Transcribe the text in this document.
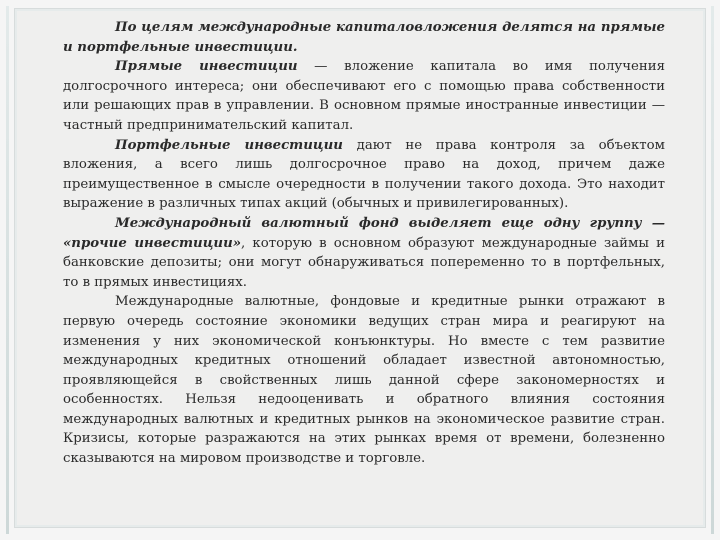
По целям международные капиталовложения делятся на прямые и портфельные инвестиции.

Прямые инвестиции — вложение капитала во имя получения долгосрочного интереса; они обеспечивают его с помощью права собственности или решающих прав в управлении. В основном прямые иностранные инвестиции — частный предпринимательский капитал.

Портфельные инвестиции дают не права контроля за объектом вложения, а всего лишь долгосрочное право на доход, причем даже преимущественное в смысле очередности в получении такого дохода. Это находит выражение в различных типах акций (обычных и привилегированных).

Международный валютный фонд выделяет еще одну группу — «прочие инвестиции», которую в основном образуют международные займы и банковские депозиты; они могут обнаруживаться попеременно то в портфельных, то в прямых инвестициях.

Международные валютные, фондовые и кредитные рынки отражают в первую очередь состояние экономики ведущих стран мира и реагируют на изменения у них экономической конъюнктуры. Но вместе с тем развитие международных кредитных отношений обладает известной автономностью, проявляющейся в свойственных лишь данной сфере закономерностях и особенностях. Нельзя недооценивать и обратного влияния состояния международных валютных и кредитных рынков на экономическое развитие стран. Кризисы, которые разражаются на этих рынках время от времени, болезненно сказываются на мировом производстве и торговле.
